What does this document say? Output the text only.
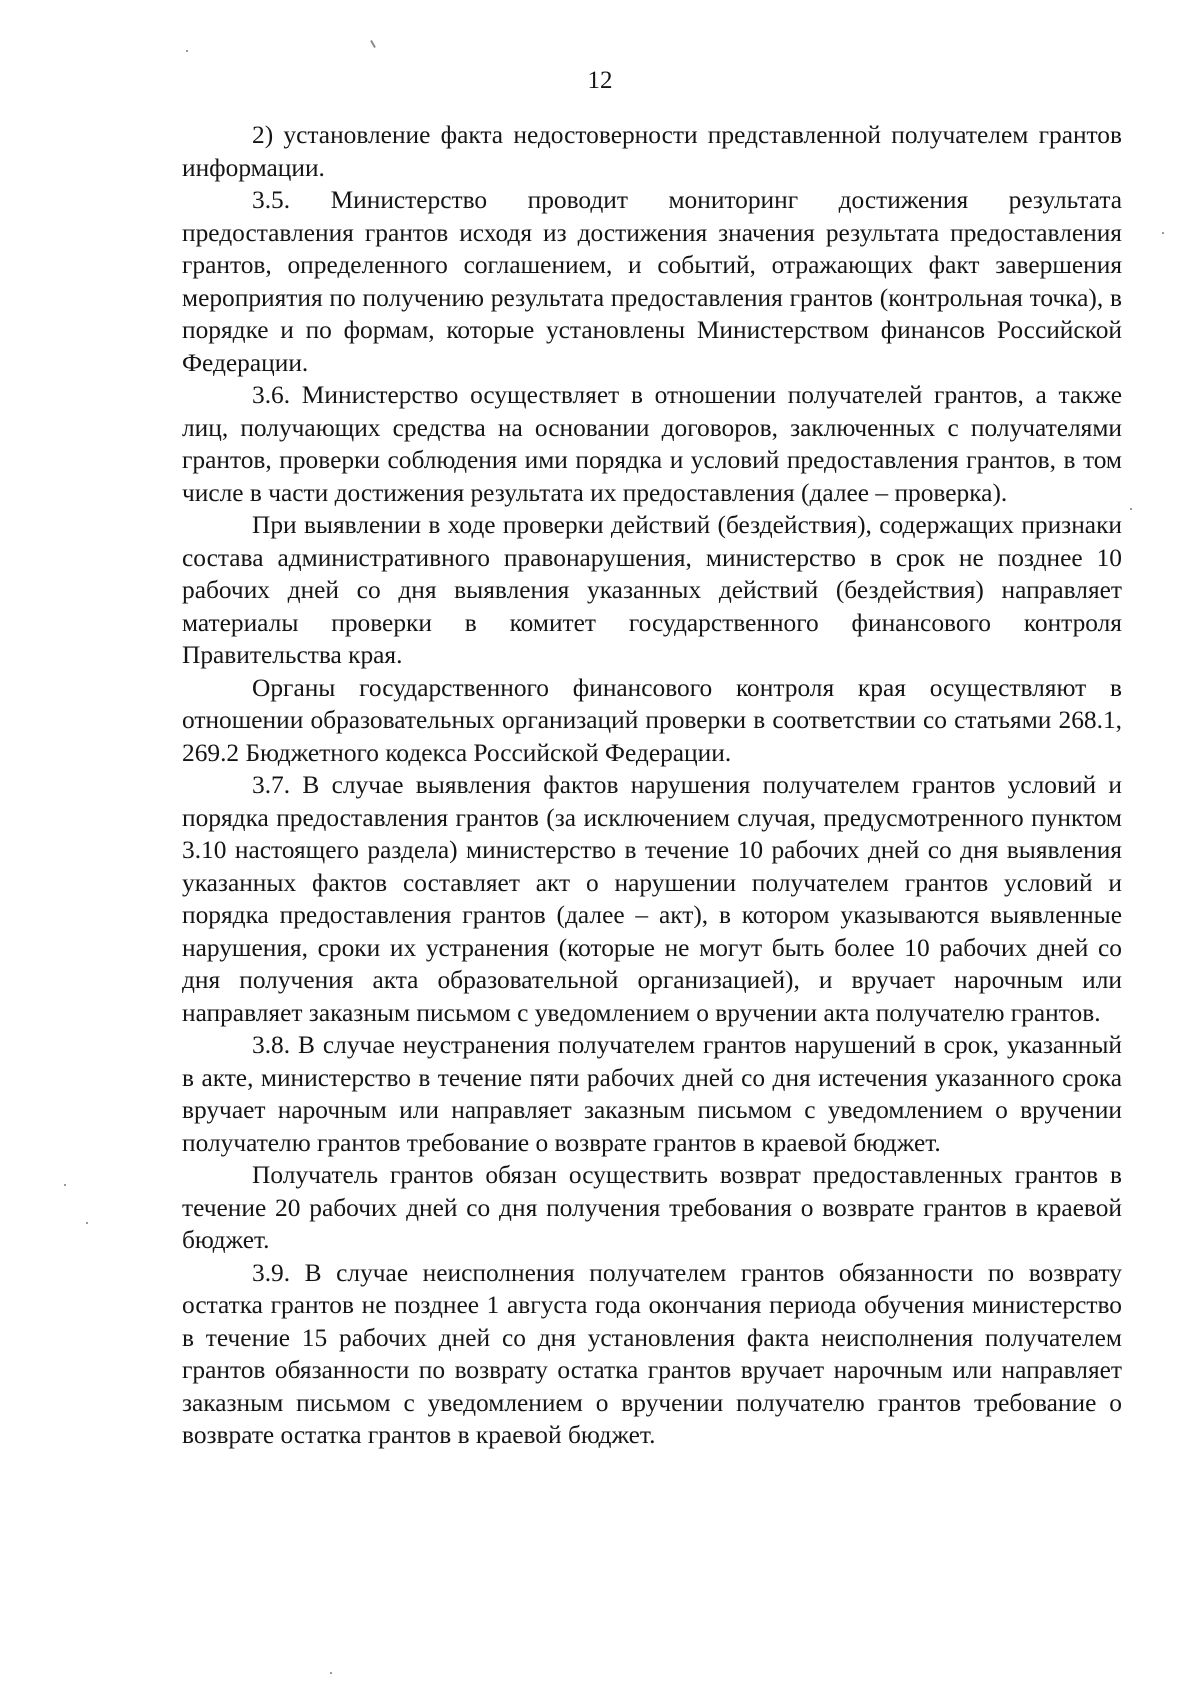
12

2) установление факта недостоверности представленной получателем грантов информации.

3.5. Министерство проводит мониторинг достижения результата предоставления грантов исходя из достижения значения результата предоставления грантов, определенного соглашением, и событий, отражающих факт завершения мероприятия по получению результата предоставления грантов (контрольная точка), в порядке и по формам, которые установлены Министерством финансов Российской Федерации.

3.6. Министерство осуществляет в отношении получателей грантов, а также лиц, получающих средства на основании договоров, заключенных с получателями грантов, проверки соблюдения ими порядка и условий предоставления грантов, в том числе в части достижения результата их предоставления (далее – проверка).

При выявлении в ходе проверки действий (бездействия), содержащих признаки состава административного правонарушения, министерство в срок не позднее 10 рабочих дней со дня выявления указанных действий (бездействия) направляет материалы проверки в комитет государственного финансового контроля Правительства края.

Органы государственного финансового контроля края осуществляют в отношении образовательных организаций проверки в соответствии со статьями 268.1, 269.2 Бюджетного кодекса Российской Федерации.

3.7. В случае выявления фактов нарушения получателем грантов условий и порядка предоставления грантов (за исключением случая, предусмотренного пунктом 3.10 настоящего раздела) министерство в течение 10 рабочих дней со дня выявления указанных фактов составляет акт о нарушении получателем грантов условий и порядка предоставления грантов (далее – акт), в котором указываются выявленные нарушения, сроки их устранения (которые не могут быть более 10 рабочих дней со дня получения акта образовательной организацией), и вручает нарочным или направляет заказным письмом с уведомлением о вручении акта получателю грантов.

3.8. В случае неустранения получателем грантов нарушений в срок, указанный в акте, министерство в течение пяти рабочих дней со дня истечения указанного срока вручает нарочным или направляет заказным письмом с уведомлением о вручении получателю грантов требование о возврате грантов в краевой бюджет.

Получатель грантов обязан осуществить возврат предоставленных грантов в течение 20 рабочих дней со дня получения требования о возврате грантов в краевой бюджет.

3.9. В случае неисполнения получателем грантов обязанности по возврату остатка грантов не позднее 1 августа года окончания периода обучения министерство в течение 15 рабочих дней со дня установления факта неисполнения получателем грантов обязанности по возврату остатка грантов вручает нарочным или направляет заказным письмом с уведомлением о вручении получателю грантов требование о возврате остатка грантов в краевой бюджет.
